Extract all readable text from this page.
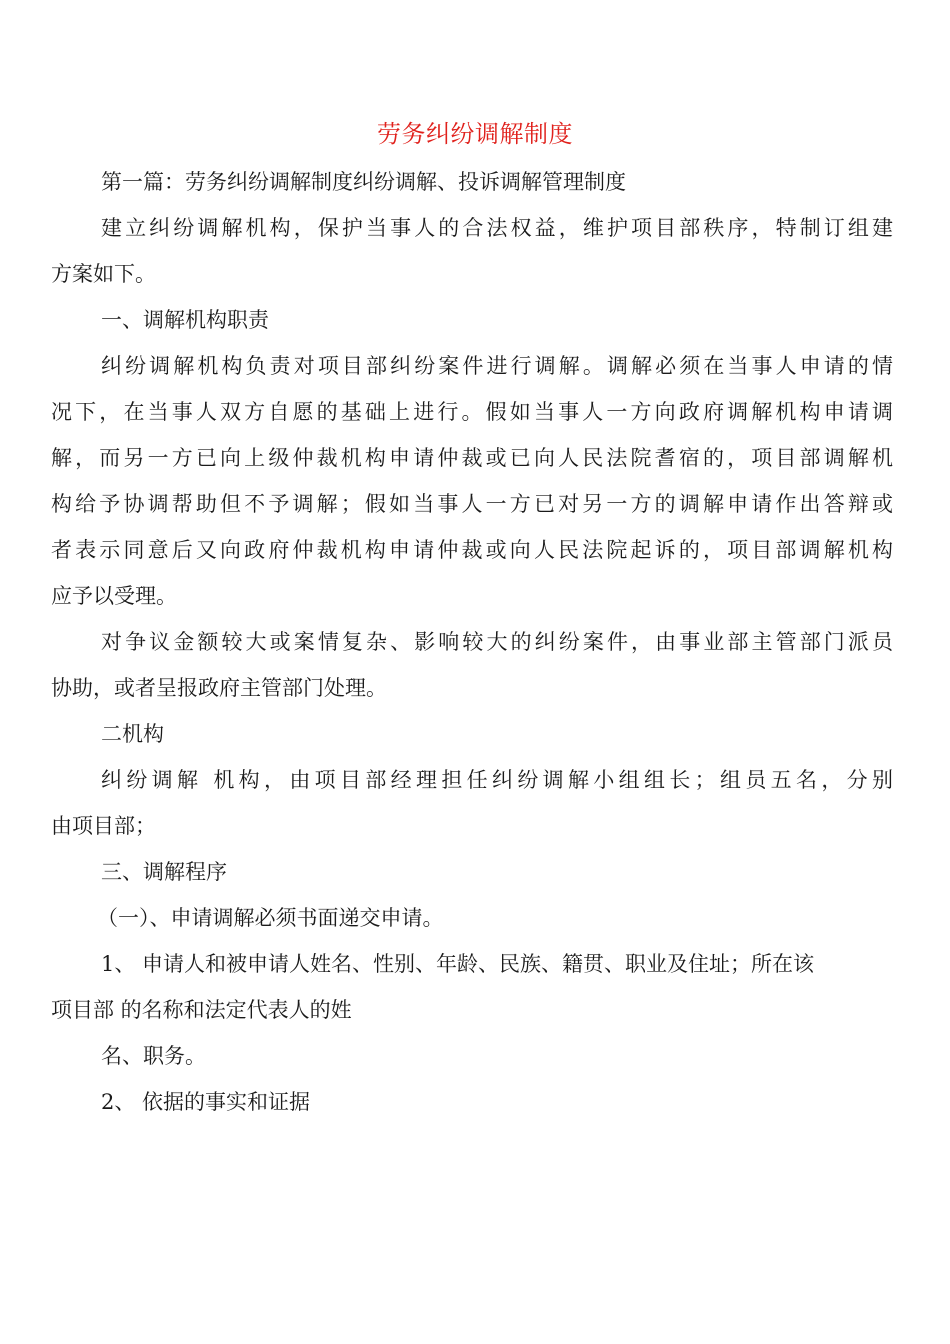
劳务纠纷调解制度
第一篇：劳务纠纷调解制度纠纷调解、投诉调解管理制度
建立纠纷调解机构，保护当事人的合法权益，维护项目部秩序，特制订组建
方案如下。
一、调解机构职责
纠纷调解机构负责对项目部纠纷案件进行调解。调解必须在当事人申请的情
况下，在当事人双方自愿的基础上进行。假如当事人一方向政府调解机构申请调
解，而另一方已向上级仲裁机构申请仲裁或已向人民法院耆宿的，项目部调解机
构给予协调帮助但不予调解；假如当事人一方已对另一方的调解申请作出答辩或
者表示同意后又向政府仲裁机构申请仲裁或向人民法院起诉的，项目部调解机构
应予以受理。
对争议金额较大或案情复杂、影响较大的纠纷案件，由事业部主管部门派员
协助，或者呈报政府主管部门处理。
二机构
纠纷调解 机构，由项目部经理担任纠纷调解小组组长；组员五名，分别
由项目部；
三、调解程序
（一）、申请调解必须书面递交申请。
1、 申请人和被申请人姓名、性别、年龄、民族、籍贯、职业及住址；所在该
项目部 的名称和法定代表人的姓
名、职务。
2、 依据的事实和证据
